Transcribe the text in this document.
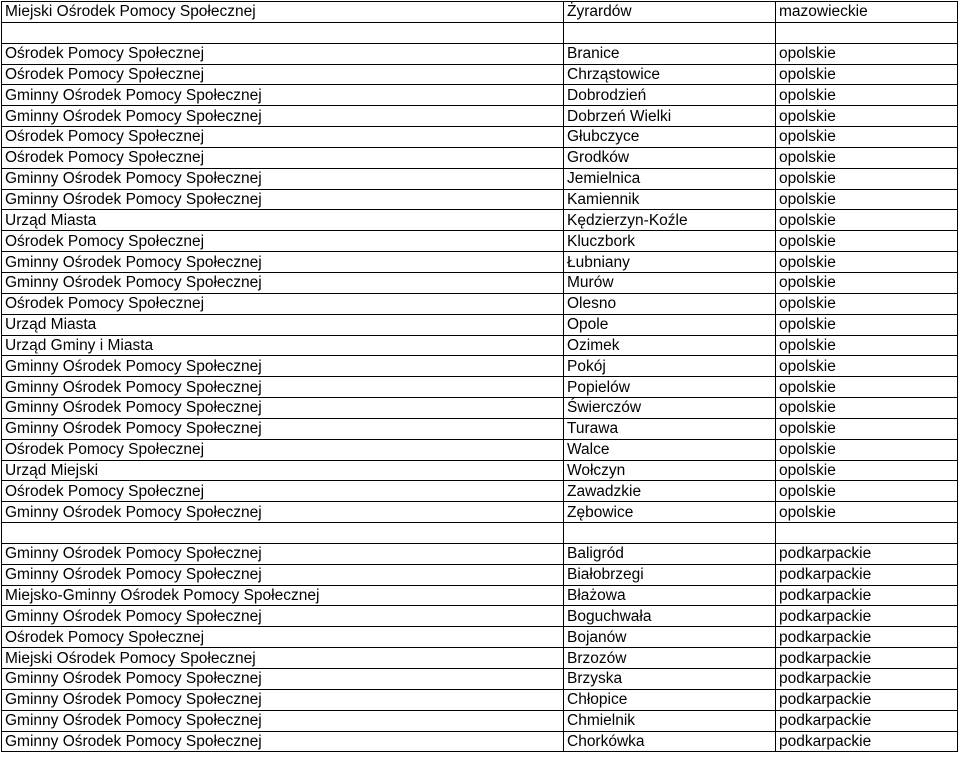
Miejski Ośrodek Pomocy Społecznej	Żyrardów	mazowieckie

Ośrodek Pomocy Społecznej	Branice	opolskie
Ośrodek Pomocy Społecznej	Chrząstowice	opolskie
Gminny Ośrodek Pomocy Społecznej	Dobrodzień	opolskie
Gminny Ośrodek Pomocy Społecznej	Dobrzeń Wielki	opolskie
Ośrodek Pomocy Społecznej	Głubczyce	opolskie
Ośrodek Pomocy Społecznej	Grodków	opolskie
Gminny Ośrodek Pomocy Społecznej	Jemielnica	opolskie
Gminny Ośrodek Pomocy Społecznej	Kamiennik	opolskie
Urząd Miasta	Kędzierzyn-Koźle	opolskie
Ośrodek Pomocy Społecznej	Kluczbork	opolskie
Gminny Ośrodek Pomocy Społecznej	Łubniany	opolskie
Gminny Ośrodek Pomocy Społecznej	Murów	opolskie
Ośrodek Pomocy Społecznej	Olesno	opolskie
Urząd Miasta	Opole	opolskie
Urząd Gminy i Miasta	Ozimek	opolskie
Gminny Ośrodek Pomocy Społecznej	Pokój	opolskie
Gminny Ośrodek Pomocy Społecznej	Popielów	opolskie
Gminny Ośrodek Pomocy Społecznej	Świerczów	opolskie
Gminny Ośrodek Pomocy Społecznej	Turawa	opolskie
Ośrodek Pomocy Społecznej	Walce	opolskie
Urząd Miejski	Wołczyn	opolskie
Ośrodek Pomocy Społecznej	Zawadzkie	opolskie
Gminny Ośrodek Pomocy Społecznej	Zębowice	opolskie

Gminny Ośrodek Pomocy Społecznej	Baligród	podkarpackie
Gminny Ośrodek Pomocy Społecznej	Białobrzegi	podkarpackie
Miejsko-Gminny Ośrodek Pomocy Społecznej	Błażowa	podkarpackie
Gminny Ośrodek Pomocy Społecznej	Boguchwała	podkarpackie
Ośrodek Pomocy Społecznej	Bojanów	podkarpackie
Miejski Ośrodek Pomocy Społecznej	Brzozów	podkarpackie
Gminny Ośrodek Pomocy Społecznej	Brzyska	podkarpackie
Gminny Ośrodek Pomocy Społecznej	Chłopice	podkarpackie
Gminny Ośrodek Pomocy Społecznej	Chmielnik	podkarpackie
Gminny Ośrodek Pomocy Społecznej	Chorkówka	podkarpackie
